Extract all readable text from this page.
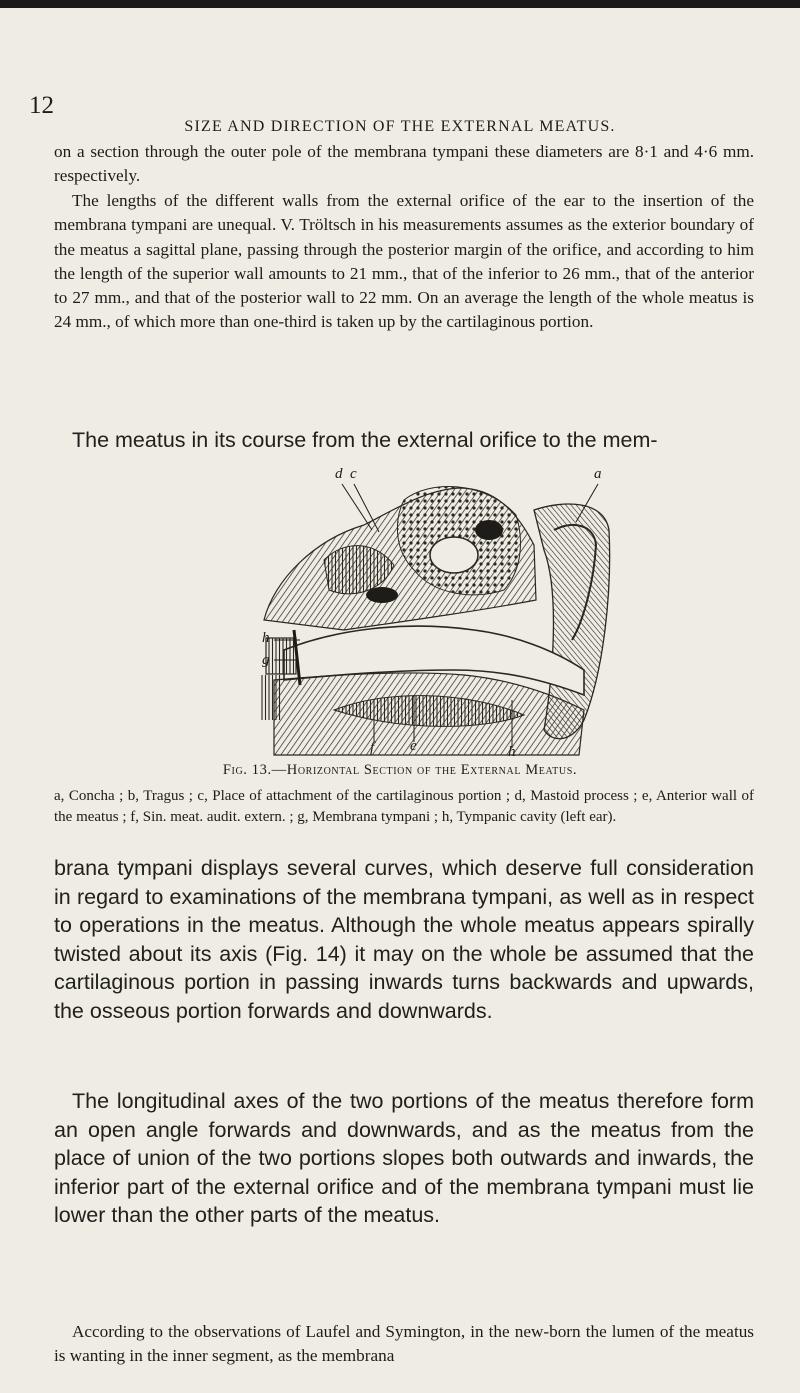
12
SIZE AND DIRECTION OF THE EXTERNAL MEATUS.
on a section through the outer pole of the membrana tympani these diameters are 8·1 and 4·6 mm. respectively.
The lengths of the different walls from the external orifice of the ear to the insertion of the membrana tympani are unequal. V. Tröltsch in his measurements assumes as the exterior boundary of the meatus a sagittal plane, passing through the posterior margin of the orifice, and according to him the length of the superior wall amounts to 21 mm., that of the inferior to 26 mm., that of the anterior to 27 mm., and that of the posterior wall to 22 mm. On an average the length of the whole meatus is 24 mm., of which more than one-third is taken up by the cartilaginous portion.
The meatus in its course from the external orifice to the mem-
d c	a
h
g
f e	h
Fig. 13.—Horizontal Section of the External Meatus.
a, Concha ; b, Tragus ; c, Place of attachment of the cartilaginous portion ; d, Mastoid process ; e, Anterior wall of the meatus ; f, Sin. meat. audit. extern. ; g, Membrana tympani ; h, Tympanic cavity (left ear).
brana tympani displays several curves, which deserve full consideration in regard to examinations of the membrana tympani, as well as in respect to operations in the meatus. Although the whole meatus appears spirally twisted about its axis (Fig. 14) it may on the whole be assumed that the cartilaginous portion in passing inwards turns backwards and upwards, the osseous portion forwards and downwards.
The longitudinal axes of the two portions of the meatus therefore form an open angle forwards and downwards, and as the meatus from the place of union of the two portions slopes both outwards and inwards, the inferior part of the external orifice and of the membrana tympani must lie lower than the other parts of the meatus.
According to the observations of Laufel and Symington, in the new-born the lumen of the meatus is wanting in the inner segment, as the membrana
